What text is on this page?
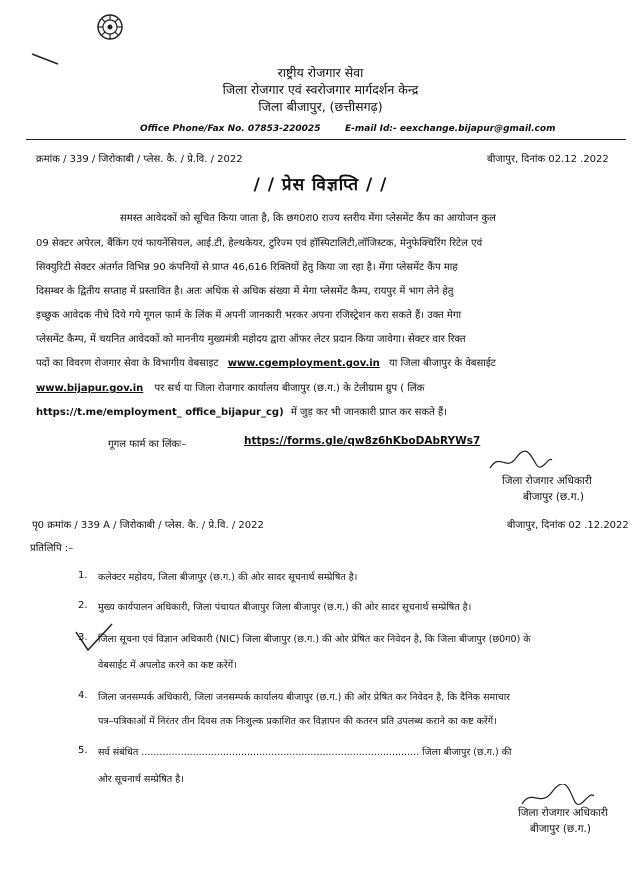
राष्ट्रीय रोजगार सेवा
जिला रोजगार एवं स्वरोजगार मार्गदर्शन केन्द्र
जिला बीजापुर, (छत्तीसगढ़)
Office Phone/Fax No. 07853-220025	E-mail Id:- eexchange.bijapur@gmail.com
क्रमांक / 339 / जिरोकाबी / प्लेस. कै. / प्रे.वि. / 2022	बीजापुर, दिनांक 02.12 .2022
/ / प्रेस विज्ञप्ति / /
समस्त आवेदकों को सूचित किया जाता है, कि छग0रा0 राज्य स्तरीय मेंगा प्लेसमेंट कैंप का आयोजन कुल
09 सेक्टर अपेरल, बैंकिंग एवं फायनेंसियल, आई.टी, हेल्थकेयर, टुरिज्म एवं हॉस्पिटालिटी,लॉजिस्टक, मेनुफेक्चिरिंग रिटेल एवं
सिक्युरिटी सेक्टर अंतर्गत विभिन्न 90 कंपनियों से प्राप्त 46,616 रिक्तियों हेतु किया जा रहा है। मेंगा प्लेसमेंट कैंप माह
दिसम्बर के द्वितीय सप्ताह में प्रस्तावित है। अतः अधिक से अधिक संख्या में मेगा प्लेसमेंट कैम्प, रायपुर में भाग लेने हेतु
इच्छुक आवेदक नीचे दिये गये गूगल फार्म के लिंक में अपनी जानकारी भरकर अपना रजिस्ट्रेशन करा सकते हैं। उक्त मेगा
प्लेसमेंट कैम्प, में चयनित आवेदकों को माननीय मुख्यमंत्री महोदय द्वारा ऑफर लेटर प्रदान किया जावेगा। सेक्टर वार रिक्त
पदों का विवरण रोजगार सेवा के विभागीय वेबसाइट www.cgemployment.gov.in या जिला बीजापुर के वेबसाईट
www.bijapur.gov.in पर सर्च या जिला रोजगार कार्यालय बीजापुर (छ.ग.) के टेलीग्राम ग्रुप ( लिंक
https://t.me/employment_ office_bijapur_cg) में जुड़ कर भी जानकारी प्राप्त कर सकते हैं।
गूगल फार्म का लिंकः–	https://forms.gle/qw8z6hKboDAbRYWs7
जिला रोजगार अधिकारी
बीजापुर (छ.ग.)
पृ0 क्रमांक / 339 A / जिरोकाबी / प्लेस. कै. / प्रे.वि. / 2022	बीजापुर, दिनांक 02 .12.2022
प्रतिलिपि :–
1. कलेक्टर महोदय, जिला बीजापुर (छ.ग.) की ओर सादर सूचनार्थ सम्प्रेषित है।
2. मुख्य कार्यपालन अधिकारी, जिला पंचायत बीजापुर जिला बीजापुर (छ.ग.) की ओर सादर सूचनार्थ सम्प्रेषित है।
3. जिला सूचना एवं विज्ञान अधिकारी (NIC) जिला बीजापुर (छ.ग.) की ओर प्रेषित कर निवेदन है, कि जिला बीजापुर (छ0ग0) के
वेबसाईट में अपलोड करने का कष्ट करेंगें।
4. जिला जनसम्पर्क अधिकारी, जिला जनसम्पर्क कार्यालय बीजापुर (छ.ग.) की ओर प्रेषित कर निवेदन है, कि दैनिक समाचार
पत्र–पत्रिकाओं में निरंतर तीन दिवस तक निःशुल्क प्रकाशित कर विज्ञापन की कतरन प्रति उपलब्ध कराने का कष्ट करेंगें।
5. सर्व संबंधित ............................................................................................ जिला बीजापुर (छ.ग.) की
ओर सूचनार्थ सम्प्रेषित है।
जिला रोजगार अधिकारी
बीजापुर (छ.ग.)
